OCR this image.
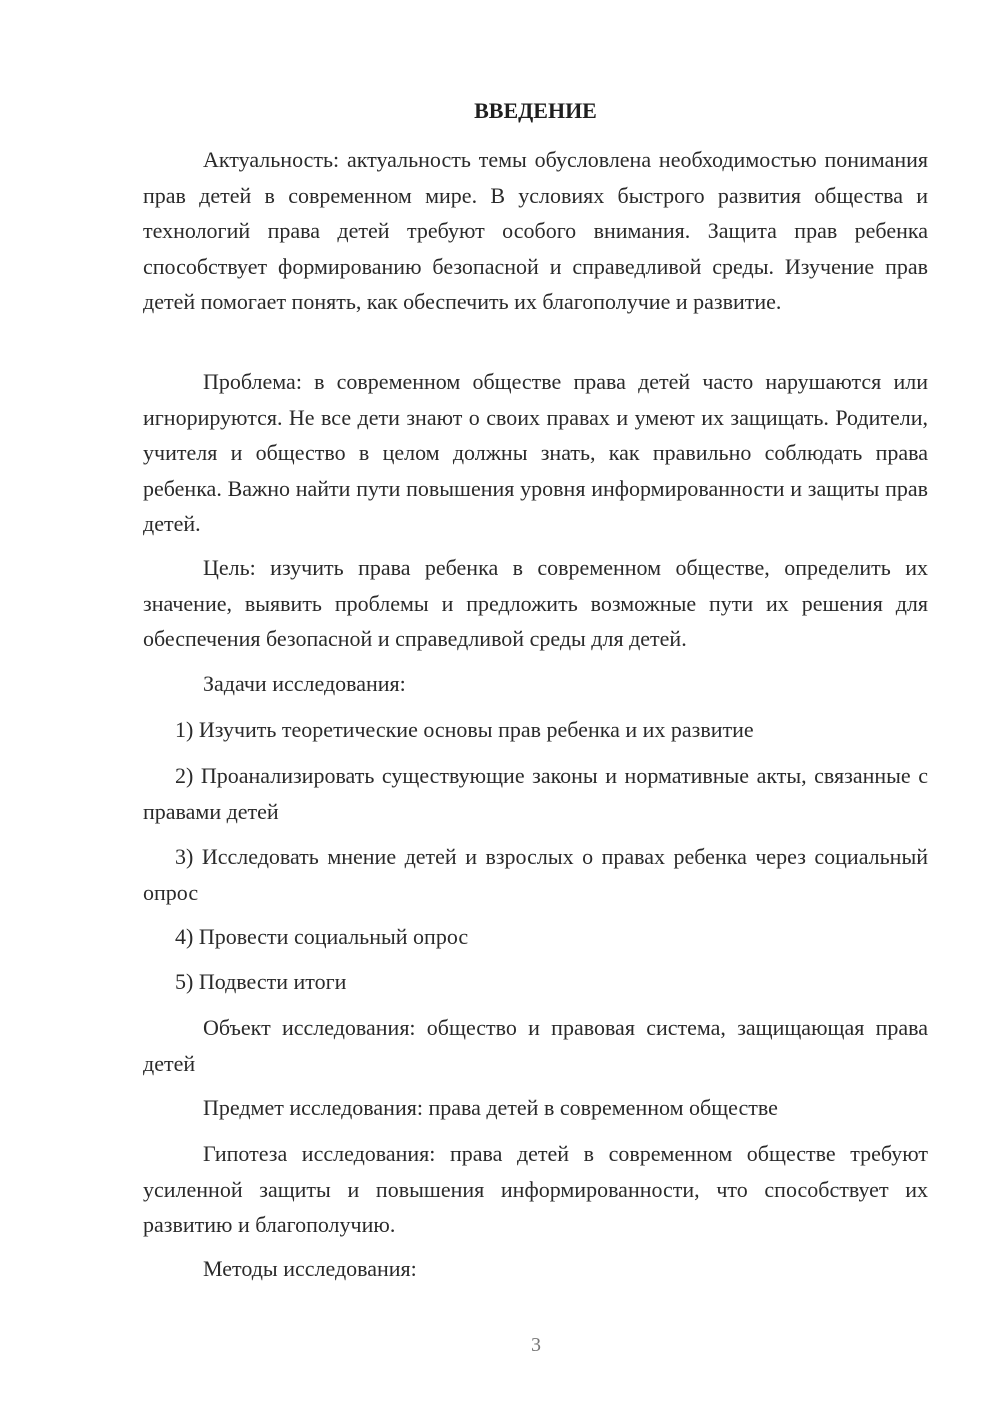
ВВЕДЕНИЕ

Актуальность: актуальность темы обусловлена необходимостью понимания прав детей в современном мире. В условиях быстрого развития общества и технологий права детей требуют особого внимания. Защита прав ребенка способствует формированию безопасной и справедливой среды. Изучение прав детей помогает понять, как обеспечить их благополучие и развитие.

Проблема: в современном обществе права детей часто нарушаются или игнорируются. Не все дети знают о своих правах и умеют их защищать. Родители, учителя и общество в целом должны знать, как правильно соблюдать права ребенка. Важно найти пути повышения уровня информированности и защиты прав детей.

Цель: изучить права ребенка в современном обществе, определить их значение, выявить проблемы и предложить возможные пути их решения для обеспечения безопасной и справедливой среды для детей.

Задачи исследования:

1) Изучить теоретические основы прав ребенка и их развитие

2) Проанализировать существующие законы и нормативные акты, связанные с правами детей

3) Исследовать мнение детей и взрослых о правах ребенка через социальный опрос

4) Провести социальный опрос

5) Подвести итоги

Объект исследования: общество и правовая система, защищающая права детей

Предмет исследования: права детей в современном обществе

Гипотеза исследования: права детей в современном обществе требуют усиленной защиты и повышения информированности, что способствует их развитию и благополучию.

Методы исследования:

3
